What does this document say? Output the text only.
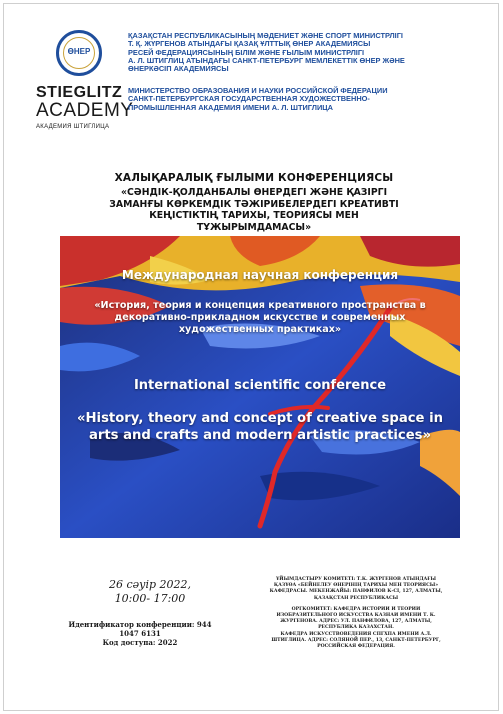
ӨНЕР
STIEGLITZ
ACADEMY
АКАДЕМИЯ ШТИГЛИЦА
ҚАЗАҚСТАН РЕСПУБЛИКАСЫНЫҢ МӘДЕНИЕТ ЖӘНЕ СПОРТ МИНИСТРЛІГІ
Т. Қ. ЖҮРГЕНОВ АТЫНДАҒЫ ҚАЗАҚ ҰЛТТЫҚ ӨНЕР АКАДЕМИЯСЫ
РЕСЕЙ ФЕДЕРАЦИЯСЫНЫҢ БІЛІМ ЖӘНЕ ҒЫЛЫМ МИНИСТРЛІГІ
А. Л. ШТИГЛИЦ АТЫНДАҒЫ САНКТ-ПЕТЕРБУРГ МЕМЛЕКЕТТІК ӨНЕР ЖӘНЕ
ӨНЕРКӘСІП АКАДЕМИЯСЫ
МИНИСТЕРСТВО ОБРАЗОВАНИЯ И НАУКИ РОССИЙСКОЙ ФЕДЕРАЦИИ
САНКТ-ПЕТЕРБУРГСКАЯ ГОСУДАРСТВЕННАЯ ХУДОЖЕСТВЕННО-
ПРОМЫШЛЕННАЯ АКАДЕМИЯ ИМЕНИ А. Л. ШТИГЛИЦА
ХАЛЫҚАРАЛЫҚ ҒЫЛЫМИ КОНФЕРЕНЦИЯСЫ
«СӘНДІК-ҚОЛДАНБАЛЫ ӨНЕРДЕГІ ЖӘНЕ ҚАЗІРГІ
ЗАМАНҒЫ КӨРКЕМДІК ТӘЖІРИБЕЛЕРДЕГІ КРЕАТИВТІ
КЕҢІСТІКТІҢ ТАРИХЫ, ТЕОРИЯСЫ МЕН
ТҰЖЫРЫМДАМАСЫ»
Международная научная конференция
«История, теория и концепция креативного пространства в
декоративно-прикладном искусстве и современных
художественных практиках»
International scientific conference
«History, theory and concept of creative space in
arts and crafts and modern artistic practices»
26 сәуір 2022,
10:00- 17:00
Идентификатор конференции: 944
1047 6131
Код доступа: 2022
ҰЙЫМДАСТЫРУ КОМИТЕТІ: Т.К. ЖҮРГЕНОВ АТЫНДАҒЫ
ҚАЗҰӨА «БЕЙНЕЛЕУ ӨНЕРІНІҢ ТАРИХЫ МЕН ТЕОРИЯСЫ»
КАФЕДРАСЫ. МЕКЕНЖАЙЫ: ПАНФИЛОВ К-СІ, 127, АЛМАТЫ,
ҚАЗАҚСТАН РЕСПУБЛИКАСЫ
ОРГКОМИТЕТ: КАФЕДРА ИСТОРИИ И ТЕОРИИ
ИЗОБРАЗИТЕЛЬНОГО ИСКУССТВА КАЗНАИ ИМЕНИ Т. К.
ЖУРГЕНОВА. АДРЕС: УЛ. ПАНФИЛОВА, 127, АЛМАТЫ,
РЕСПУБЛИКА КАЗАХСТАН.
КАФЕДРА ИСКУССТВОВЕДЕНИЯ СПГХПА ИМЕНИ А.Л.
ШТИГЛИЦА. АДРЕС: СОЛЯНОЙ ПЕР., 13, САНКТ-ПЕТЕРБУРГ,
РОССИЙСКАЯ ФЕДЕРАЦИЯ.
